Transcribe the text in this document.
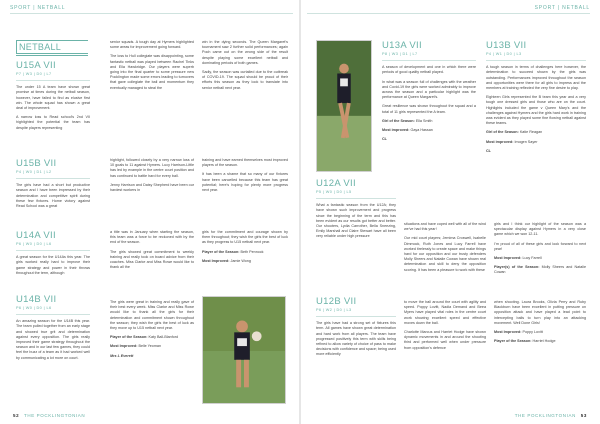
SPORT | NETBALL	SPORT | NETBALL
NETBALL
U15A VII
P7 | W3 | D0 | L7

The under 15 A team have shown great promise at times during the netball season, however, have failed to find as elusive first win. The whole squad has shown a great deal of improvement.

A narrow loss to Read school’s 2nd VII highlighted the potential the team has despite players representing

U15B VII
P4 | W0 | D1 | L2

The girls have had a short but productive season and I have been impressed by their determination and competitive spirit during these few fixtures. Home victory against Read School was a great

U14A VII
P6 | W0 | D0 | L6

A great season for the U14As this year. The girls worked really hard to improve their game strategy and power in their throws throughout the term, although

U14B VII
P6 | W0 | D0 | L6

An amazing season for the U14B this year. The team pulled together from an early stage and showed true grit and determination against every opposition. The girls really improved their game strategy throughout the season and in our last few games, they could feel the buzz of a team as it had worked well by communicating a lot more on court.

senior squads. A tough day at Hymers highlighted some areas for improvement going forward.

The loss to Hull collegiate was disappointing, some fantastic netball was played between Rachel Tinks and Ella Hawkridge. Our players were superb going into the final quarter to some pressure new Pocklington made some errors leading to turnovers that gave collegiate the ball and momentum they eventually managed to steal the

highlight, followed closely by a very narrow loss of 10 goals to 11 against Hymers. Lucy Harrison-Little has led by example in the centre court position and has continued to battle hard for every ball.

Jenny Harrison and Daisy Shepherd have been our hardest workers in

a title was in January when starting the season, this team was a force to be reckoned with by the end of the season.

The girls showed great commitment to weekly training and really took on board advice from their coaches. Miss Clarke and Miss Rowe would like to thank all the

The girls were great in training and really gave of their best every week. Miss Clarke and Miss Rowe would like to thank all the girls for their determination and commitment shown throughout the season; they wish the girls the best of luck as they move up to U15 netball next year.

Player of the Season: Katy Ball-Blanford

Most Improved: Belle Yeoman

Mrs L Everett

win in the dying seconds. The Queen Margaret’s tournament saw 2 further solid performances; again Poch came out on the wrong side of the result despite playing some excellent netball and dominating periods of both games.

Sadly, the season was curtailed due to the outbreak of COVID-19. The squad should be proud of their efforts this season as they look to translate into senior netball next year.

training and have earned themselves most improved players of the season.

It has been a shame that so many of our fixtures have been cancelled because this team has great potential; here’s hoping for plenty more progress next year.

girls for the commitment and courage shown by them throughout; they wish the girls the best of luck as they progress to U15 netball next year.

Player of the Season: Beth Pennock

Most Improved: Jamie Wong

52 THE POCKLINGTONIAN
U13A VII
P8 | W3 | D1 | L7

A season of development and one in which there were periods of good quality netball played.

In what was a season full of challenges with the weather and Covid-19 the girls were worked admirably to improve across the season and a particular highlight was the performance at Queen Margaret’s.

Great resilience was shown throughout the squad and a total of 11 girls represented the A team.

Girl of the Season: Ella Smith

Most improved: Gaya Hassan

CL

U13B VII
P4 | W1 | D0 | L3

A tough season in terms of challenges here however, the determination to succeed shown by the girls was outstanding. Performances improved throughout the season and opportunities were there for all girls to impress and the members at training reflected the very fine desire to play.

Eighteen Girls represented the B team this year and a very tough one dressed girls and those who are on the court. Highlights included the game v Queen Mary’s and the challenges against Hymers and the girls hard work in training was evident as they played some fine flowing netball against these teams.

Girl of the Season: Katie Reagan

Most improved: Imogen Sayer

CL

U12A VII
P5 | W0 | D0 | L5

What a fantastic season from the U12A; they have shown such improvement and progress since the beginning of the term and this has been evident as our results got better and better. Our shooters, Lydia Carrother, Bella Sneezing, Emily Marshall and Claire Stewart have all been very reliable under high pressure

situations and have coped well with all of the wind we’ve had this year!

Our mid court players; Jemima Croswell, Isabelle Dimmock, Ruth Jones and Lucy Farrell have worked tirelessly to create space and make things hard for our opposition and our trusty defenders Molly Sheers and Natalie Cowan have shown real determination and skill to deny the opposition scoring. It has been a pleasure to work with these

girls and I think our highlight of the season was a spectacular display against Hymers in a very close game which we won 12-11.

I’m proud of all of these girls and look forward to next year!

Most Improved: Lucy Farrell

Player(s) of the Season: Molly Sheers and Natalie Cowan

U12B VII
P6 | W2 | D0 | L3

The girls have had a strong set of fixtures this term. All games have shown great determination and hard work from all players. The team have progressed positively this term with skills being refined to allow variety of choice of pass to make decisions with confidence and space; being used more efficiently

to move the ball around the court with agility and speed. Poppy Lovitt, Nadia Demand and Beea Myers have played vital roles in the centre court work showing excellent speed and effective moves down the ball.

Charlotte Marcus and Harriet Hodge have shown dynamic movements in and around the shooting third and performed well when under pressure from opposition’s defence

when shooting. Laura Brooks, Olivia Perry and Ruby Blackburn have been excellent in putting pressure on opposition attack and have played a lead point to intercepting balls to turn play into an attacking movement. Well Done Girls!

Most Improved: Poppy Lovitt

Player of the Season: Harriet Hodge

THE POCKLINGTONIAN 53
